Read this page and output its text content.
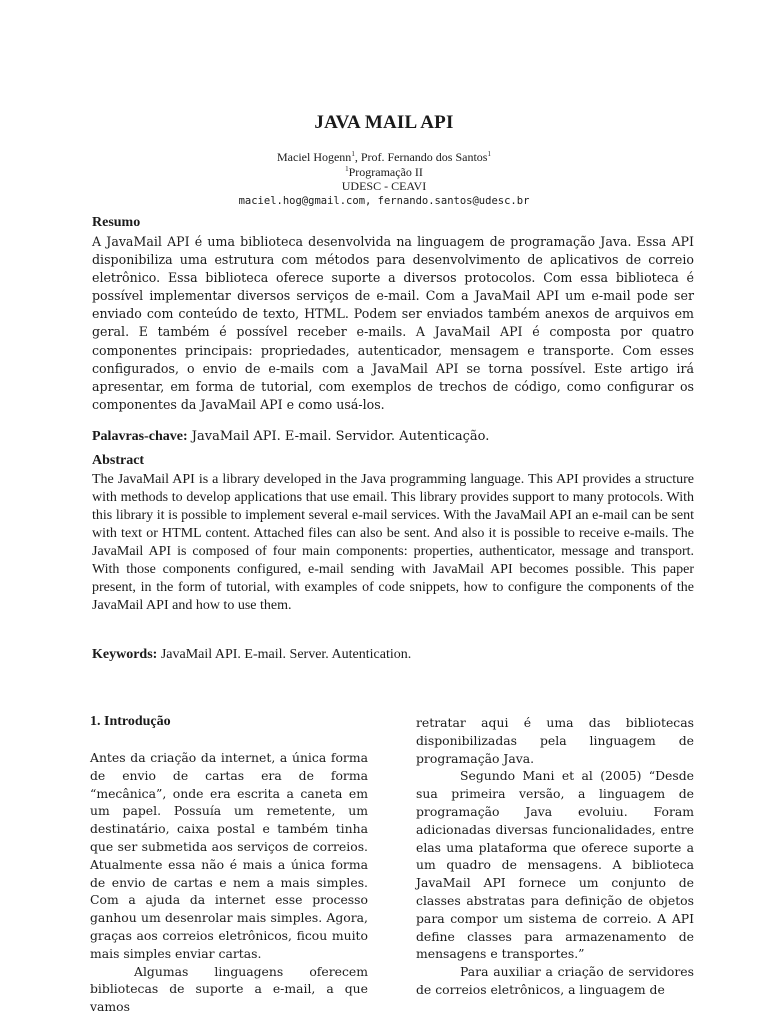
JAVA MAIL API
Maciel Hogenn$^1$, Prof. Fernando dos Santos$^1$
$^1$Programação II
UDESC - CEAVI
maciel.hog@gmail.com, fernando.santos@udesc.br
Resumo
A JavaMail API é uma biblioteca desenvolvida na linguagem de programação Java. Essa API disponibiliza uma estrutura com métodos para desenvolvimento de aplicativos de correio eletrônico. Essa biblioteca oferece suporte a diversos protocolos. Com essa biblioteca é possível implementar diversos serviços de e-mail. Com a JavaMail API um e-mail pode ser enviado com conteúdo de texto, HTML. Podem ser enviados também anexos de arquivos em geral. E também é possível receber e-mails. A JavaMail API é composta por quatro componentes principais: propriedades, autenticador, mensagem e transporte. Com esses configurados, o envio de e-mails com a JavaMail API se torna possível. Este artigo irá apresentar, em forma de tutorial, com exemplos de trechos de código, como configurar os componentes da JavaMail API e como usá-los.
Palavras-chave: JavaMail API. E-mail. Servidor. Autenticação.
Abstract
The JavaMail API is a library developed in the Java programming language. This API provides a structure with methods to develop applications that use email. This library provides support to many protocols. With this library it is possible to implement several e-mail services. With the JavaMail API an e-mail can be sent with text or HTML content. Attached files can also be sent. And also it is possible to receive e-mails. The JavaMail API is composed of four main components: properties, authenticator, message and transport. With those components configured, e-mail sending with JavaMail API becomes possible. This paper present, in the form of tutorial, with examples of code snippets, how to configure the components of the JavaMail API and how to use them.
Keywords: JavaMail API. E-mail. Server. Autentication.
1. Introdução

Antes da criação da internet, a única forma de envio de cartas era de forma “mecânica”, onde era escrita a caneta em um papel. Possuía um remetente, um destinatário, caixa postal e também tinha que ser submetida aos serviços de correios. Atualmente essa não é mais a única forma de envio de cartas e nem a mais simples. Com a ajuda da internet esse processo ganhou um desenrolar mais simples. Agora, graças aos correios eletrônicos, ficou muito mais simples enviar cartas.

Algumas linguagens oferecem bibliotecas de suporte a e-mail, a que vamos

retratar aqui é uma das bibliotecas disponibilizadas pela linguagem de programação Java.

Segundo Mani et al (2005) “Desde sua primeira versão, a linguagem de programação Java evoluiu. Foram adicionadas diversas funcionalidades, entre elas uma plataforma que oferece suporte a um quadro de mensagens. A biblioteca JavaMail API fornece um conjunto de classes abstratas para definição de objetos para compor um sistema de correio. A API define classes para armazenamento de mensagens e transportes.”

Para auxiliar a criação de servidores de correios eletrônicos, a linguagem de
